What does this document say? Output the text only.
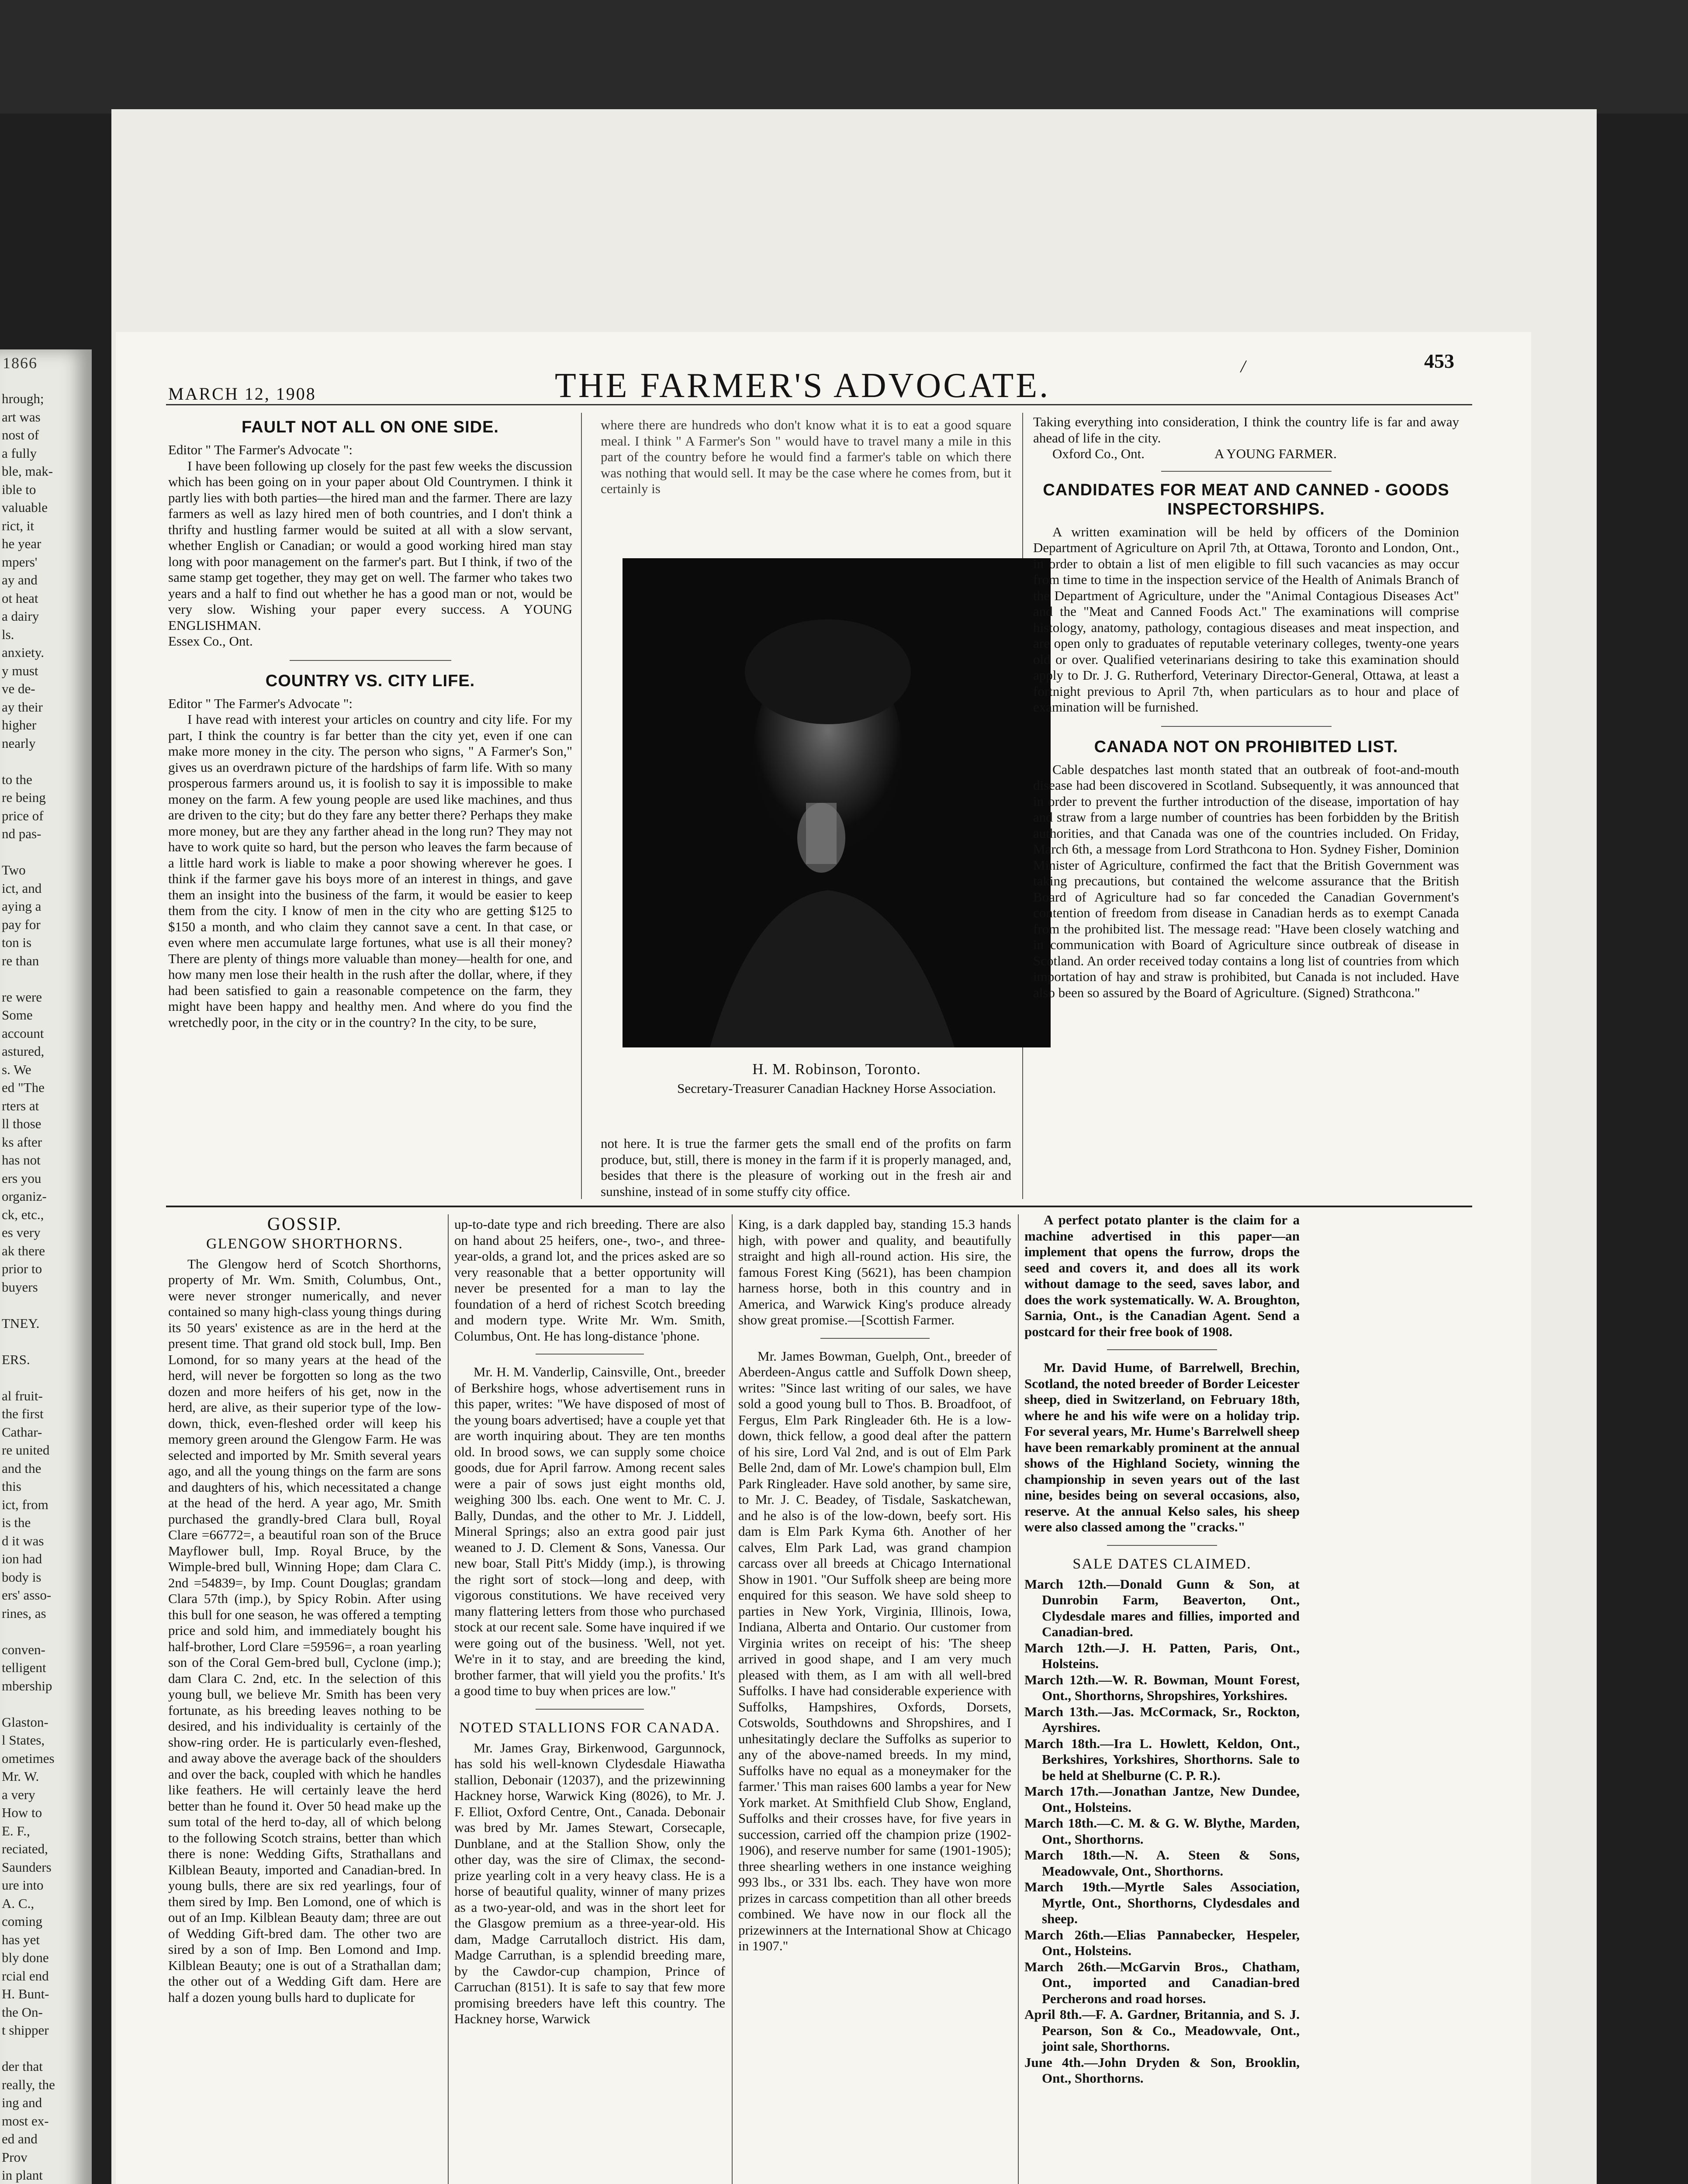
1866
hrough;
art was
nost of
a fully
ble, mak-
ible to
valuable
rict, it
he year
mpers'
ay and
ot heat
a dairy
ls.
anxiety.
y must
ve de-
ay their
higher
nearly

to the
re being
price of
nd pas-

Two
ict, and
aying a
pay for
ton is
re than

re were
Some
account
astured,
s. We
ed "The
rters at
ll those
ks after
has not
ers you
organiz-
ck, etc.,
es very
ak there
prior to
buyers

TNEY.

ERS.

al fruit-
the first
Cathar-
re united
and the
this
ict, from
is the
d it was
ion had
body is
ers' asso-
rines, as

conven-
telligent
mbership

Glaston-
l States,
ometimes
Mr. W.
a very
How to
E. F.,
reciated,
Saunders
ure into
A. C.,
coming
has yet
bly done
rcial end
H. Bunt-
the On-
t shipper

der that
really, the
ing and
most ex-
ed and
Prov
in plant

MARCH 12, 1908	THE FARMER'S ADVOCATE.
/	453
FAULT NOT ALL ON ONE SIDE.

Editor " The Farmer's Advocate ":

I have been following up closely for the past few weeks the discussion which has been going on in your paper about Old Countrymen. I think it partly lies with both parties—the hired man and the farmer. There are lazy farmers as well as lazy hired men of both countries, and I don't think a thrifty and hustling farmer would be suited at all with a slow servant, whether English or Canadian; or would a good working hired man stay long with poor management on the farmer's part. But I think, if two of the same stamp get together, they may get on well. The farmer who takes two years and a half to find out whether he has a good man or not, would be very slow. Wishing your paper every success. A YOUNG ENGLISHMAN.

Essex Co., Ont.

COUNTRY VS. CITY LIFE.

Editor " The Farmer's Advocate ":

I have read with interest your articles on country and city life. For my part, I think the country is far better than the city yet, even if one can make more money in the city. The person who signs, " A Farmer's Son," gives us an overdrawn picture of the hardships of farm life. With so many prosperous farmers around us, it is foolish to say it is impossible to make money on the farm. A few young people are used like machines, and thus are driven to the city; but do they fare any better there? Perhaps they make more money, but are they any farther ahead in the long run? They may not have to work quite so hard, but the person who leaves the farm because of a little hard work is liable to make a poor showing wherever he goes. I think if the farmer gave his boys more of an interest in things, and gave them an insight into the business of the farm, it would be easier to keep them from the city. I know of men in the city who are getting $125 to $150 a month, and who claim they cannot save a cent. In that case, or even where men accumulate large fortunes, what use is all their money? There are plenty of things more valuable than money—health for one, and how many men lose their health in the rush after the dollar, where, if they had been satisfied to gain a reasonable competence on the farm, they might have been happy and healthy men. And where do you find the wretchedly poor, in the city or in the country? In the city, to be sure,

where there are hundreds who don't know what it is to eat a good square meal. I think " A Farmer's Son " would have to travel many a mile in this part of the country before he would find a farmer's table on which there was nothing that would sell. It may be the case where he comes from, but it certainly is

H. M. Robinson, Toronto.
Secretary-Treasurer Canadian Hackney Horse Association.

not here. It is true the farmer gets the small end of the profits on farm produce, but, still, there is money in the farm if it is properly managed, and, besides that there is the pleasure of working out in the fresh air and sunshine, instead of in some stuffy city office.

Taking everything into consideration, I think the country life is far and away ahead of life in the city.

Oxford Co., Ont.	A YOUNG FARMER.

CANDIDATES FOR MEAT AND CANNED - GOODS INSPECTORSHIPS.

A written examination will be held by officers of the Dominion Department of Agriculture on April 7th, at Ottawa, Toronto and London, Ont., in order to obtain a list of men eligible to fill such vacancies as may occur from time to time in the inspection service of the Health of Animals Branch of the Department of Agriculture, under the "Animal Contagious Diseases Act" and the "Meat and Canned Foods Act." The examinations will comprise histology, anatomy, pathology, contagious diseases and meat inspection, and are open only to graduates of reputable veterinary colleges, twenty-one years old or over. Qualified veterinarians desiring to take this examination should apply to Dr. J. G. Rutherford, Veterinary Director-General, Ottawa, at least a fortnight previous to April 7th, when particulars as to hour and place of examination will be furnished.

CANADA NOT ON PROHIBITED LIST.

Cable despatches last month stated that an outbreak of foot-and-mouth disease had been discovered in Scotland. Subsequently, it was announced that in order to prevent the further introduction of the disease, importation of hay and straw from a large number of countries has been forbidden by the British authorities, and that Canada was one of the countries included. On Friday, March 6th, a message from Lord Strathcona to Hon. Sydney Fisher, Dominion Minister of Agriculture, confirmed the fact that the British Government was taking precautions, but contained the welcome assurance that the British Board of Agriculture had so far conceded the Canadian Government's contention of freedom from disease in Canadian herds as to exempt Canada from the prohibited list. The message read: "Have been closely watching and in communication with Board of Agriculture since outbreak of disease in Scotland. An order received today contains a long list of countries from which importation of hay and straw is prohibited, but Canada is not included. Have also been so assured by the Board of Agriculture. (Signed) Strathcona."

GOSSIP.
GLENGOW SHORTHORNS.

The Glengow herd of Scotch Shorthorns, property of Mr. Wm. Smith, Columbus, Ont., were never stronger numerically, and never contained so many high-class young things during its 50 years' existence as are in the herd at the present time. That grand old stock bull, Imp. Ben Lomond, for so many years at the head of the herd, will never be forgotten so long as the two dozen and more heifers of his get, now in the herd, are alive, as their superior type of the low-down, thick, even-fleshed order will keep his memory green around the Glengow Farm. He was selected and imported by Mr. Smith several years ago, and all the young things on the farm are sons and daughters of his, which necessitated a change at the head of the herd. A year ago, Mr. Smith purchased the grandly-bred Clara bull, Royal Clare =66772=, a beautiful roan son of the Bruce Mayflower bull, Imp. Royal Bruce, by the Wimple-bred bull, Winning Hope; dam Clara C. 2nd =54839=, by Imp. Count Douglas; grandam Clara 57th (imp.), by Spicy Robin. After using this bull for one season, he was offered a tempting price and sold him, and immediately bought his half-brother, Lord Clare =59596=, a roan yearling son of the Coral Gem-bred bull, Cyclone (imp.); dam Clara C. 2nd, etc. In the selection of this young bull, we believe Mr. Smith has been very fortunate, as his breeding leaves nothing to be desired, and his individuality is certainly of the show-ring order. He is particularly even-fleshed, and away above the average back of the shoulders and over the back, coupled with which he handles like feathers. He will certainly leave the herd better than he found it. Over 50 head make up the sum total of the herd to-day, all of which belong to the following Scotch strains, better than which there is none: Wedding Gifts, Strathallans and Kilblean Beauty, imported and Canadian-bred. In young bulls, there are six red yearlings, four of them sired by Imp. Ben Lomond, one of which is out of an Imp. Kilblean Beauty dam; three are out of Wedding Gift-bred dam. The other two are sired by a son of Imp. Ben Lomond and Imp. Kilblean Beauty; one is out of a Strathallan dam; the other out of a Wedding Gift dam. Here are half a dozen young bulls hard to duplicate for

up-to-date type and rich breeding. There are also on hand about 25 heifers, one-, two-, and three-year-olds, a grand lot, and the prices asked are so very reasonable that a better opportunity will never be presented for a man to lay the foundation of a herd of richest Scotch breeding and modern type. Write Mr. Wm. Smith, Columbus, Ont. He has long-distance 'phone.

Mr. H. M. Vanderlip, Cainsville, Ont., breeder of Berkshire hogs, whose advertisement runs in this paper, writes: "We have disposed of most of the young boars advertised; have a couple yet that are worth inquiring about. They are ten months old. In brood sows, we can supply some choice goods, due for April farrow. Among recent sales were a pair of sows just eight months old, weighing 300 lbs. each. One went to Mr. C. J. Bally, Dundas, and the other to Mr. J. Liddell, Mineral Springs; also an extra good pair just weaned to J. D. Clement & Sons, Vanessa. Our new boar, Stall Pitt's Middy (imp.), is throwing the right sort of stock—long and deep, with vigorous constitutions. We have received very many flattering letters from those who purchased stock at our recent sale. Some have inquired if we were going out of the business. 'Well, not yet. We're in it to stay, and are breeding the kind, brother farmer, that will yield you the profits.' It's a good time to buy when prices are low."

NOTED STALLIONS FOR CANADA.

Mr. James Gray, Birkenwood, Gargunnock, has sold his well-known Clydesdale Hiawatha stallion, Debonair (12037), and the prizewinning Hackney horse, Warwick King (8026), to Mr. J. F. Elliot, Oxford Centre, Ont., Canada. Debonair was bred by Mr. James Stewart, Corsecaple, Dunblane, and at the Stallion Show, only the other day, was the sire of Climax, the second-prize yearling colt in a very heavy class. He is a horse of beautiful quality, winner of many prizes as a two-year-old, and was in the short leet for the Glasgow premium as a three-year-old. His dam, Madge Carrutalloch district. His dam, Madge Carruthan, is a splendid breeding mare, by the Cawdor-cup champion, Prince of Carruchan (8151). It is safe to say that few more promising breeders have left this country. The Hackney horse, Warwick

King, is a dark dappled bay, standing 15.3 hands high, with power and quality, and beautifully straight and high all-round action. His sire, the famous Forest King (5621), has been champion harness horse, both in this country and in America, and Warwick King's produce already show great promise.—[Scottish Farmer.

Mr. James Bowman, Guelph, Ont., breeder of Aberdeen-Angus cattle and Suffolk Down sheep, writes: "Since last writing of our sales, we have sold a good young bull to Thos. B. Broadfoot, of Fergus, Elm Park Ringleader 6th. He is a low-down, thick fellow, a good deal after the pattern of his sire, Lord Val 2nd, and is out of Elm Park Belle 2nd, dam of Mr. Lowe's champion bull, Elm Park Ringleader. Have sold another, by same sire, to Mr. J. C. Beadey, of Tisdale, Saskatchewan, and he also is of the low-down, beefy sort. His dam is Elm Park Kyma 6th. Another of her calves, Elm Park Lad, was grand champion carcass over all breeds at Chicago International Show in 1901. "Our Suffolk sheep are being more enquired for this season. We have sold sheep to parties in New York, Virginia, Illinois, Iowa, Indiana, Alberta and Ontario. Our customer from Virginia writes on receipt of his: 'The sheep arrived in good shape, and I am very much pleased with them, as I am with all well-bred Suffolks. I have had considerable experience with Suffolks, Hampshires, Oxfords, Dorsets, Cotswolds, Southdowns and Shropshires, and I unhesitatingly declare the Suffolks as superior to any of the above-named breeds. In my mind, Suffolks have no equal as a moneymaker for the farmer.' This man raises 600 lambs a year for New York market. At Smithfield Club Show, England, Suffolks and their crosses have, for five years in succession, carried off the champion prize (1902-1906), and reserve number for same (1901-1905); three shearling wethers in one instance weighing 993 lbs., or 331 lbs. each. They have won more prizes in carcass competition than all other breeds combined. We have now in our flock all the prizewinners at the International Show at Chicago in 1907."

A perfect potato planter is the claim for a machine advertised in this paper—an implement that opens the furrow, drops the seed and covers it, and does all its work without damage to the seed, saves labor, and does the work systematically. W. A. Broughton, Sarnia, Ont., is the Canadian Agent. Send a postcard for their free book of 1908.

Mr. David Hume, of Barrelwell, Brechin, Scotland, the noted breeder of Border Leicester sheep, died in Switzerland, on February 18th, where he and his wife were on a holiday trip. For several years, Mr. Hume's Barrelwell sheep have been remarkably prominent at the annual shows of the Highland Society, winning the championship in seven years out of the last nine, besides being on several occasions, also, reserve. At the annual Kelso sales, his sheep were also classed among the "cracks."

SALE DATES CLAIMED.

March 12th.—Donald Gunn & Son, at Dunrobin Farm, Beaverton, Ont., Clydesdale mares and fillies, imported and Canadian-bred.

March 12th.—J. H. Patten, Paris, Ont., Holsteins.

March 12th.—W. R. Bowman, Mount Forest, Ont., Shorthorns, Shropshires, Yorkshires.

March 13th.—Jas. McCormack, Sr., Rockton, Ayrshires.

March 18th.—Ira L. Howlett, Keldon, Ont., Berkshires, Yorkshires, Shorthorns. Sale to be held at Shelburne (C. P. R.).

March 17th.—Jonathan Jantze, New Dundee, Ont., Holsteins.

March 18th.—C. M. & G. W. Blythe, Marden, Ont., Shorthorns.

March 18th.—N. A. Steen & Sons, Meadowvale, Ont., Shorthorns.

March 19th.—Myrtle Sales Association, Myrtle, Ont., Shorthorns, Clydesdales and sheep.

March 26th.—Elias Pannabecker, Hespeler, Ont., Holsteins.

March 26th.—McGarvin Bros., Chatham, Ont., imported and Canadian-bred Percherons and road horses.

April 8th.—F. A. Gardner, Britannia, and S. J. Pearson, Son & Co., Meadowvale, Ont., joint sale, Shorthorns.

June 4th.—John Dryden & Son, Brooklin, Ont., Shorthorns.
